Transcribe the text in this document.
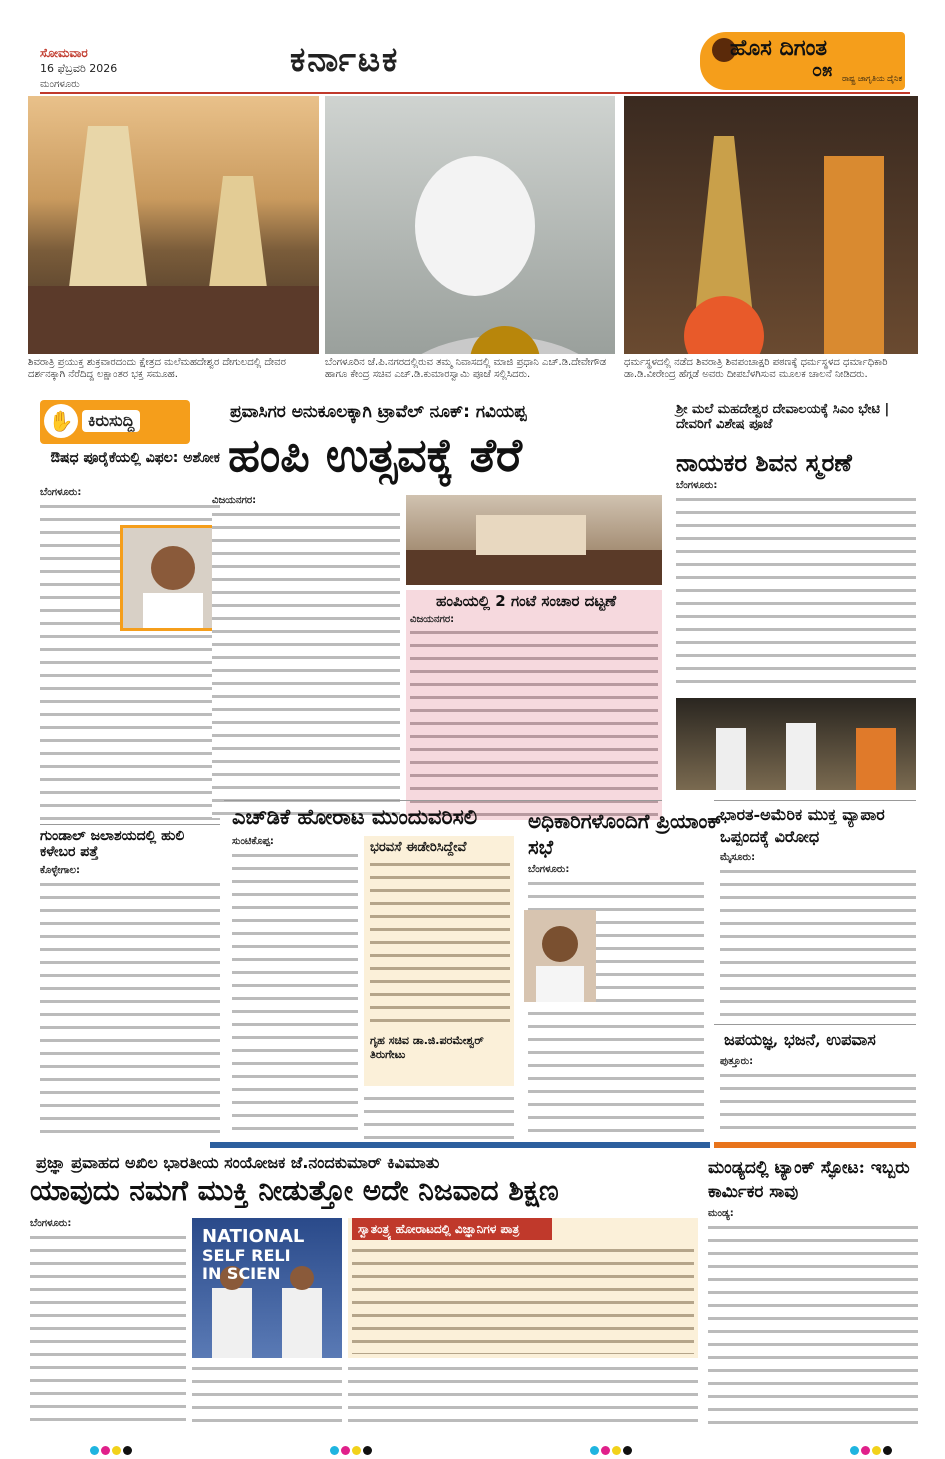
ಸೋಮವಾರ
16 ಫೆಬ್ರವರಿ 2026
ಮಂಗಳೂರು
ಕರ್ನಾಟಕ	ಹೊಸ ದಿಗಂತ
೦೫ ರಾಷ್ಟ್ರ ಜಾಗೃತಿಯ ದೈನಿಕ
ಶಿವರಾತ್ರಿ ಪ್ರಯುಕ್ತ ಶುಕ್ರವಾರದಂದು ಕ್ಷೇತ್ರದ ಮಲೆಮಹದೇಶ್ವರ ದೇಗುಲದಲ್ಲಿ ದೇವರ ದರ್ಶನಕ್ಕಾಗಿ ನೆರೆದಿದ್ದ ಲಕ್ಷಾಂತರ ಭಕ್ತ ಸಮೂಹ.
ಬೆಂಗಳೂರಿನ ಜೆ.ಪಿ.ನಗರದಲ್ಲಿರುವ ತಮ್ಮ ನಿವಾಸದಲ್ಲಿ ಮಾಜಿ ಪ್ರಧಾನಿ ಎಚ್.ಡಿ.ದೇವೇಗೌಡ ಹಾಗೂ ಕೇಂದ್ರ ಸಚಿವ ಎಚ್.ಡಿ.ಕುಮಾರಸ್ವಾಮಿ ಪೂಜೆ ಸಲ್ಲಿಸಿದರು.
ಧರ್ಮಸ್ಥಳದಲ್ಲಿ ನಡೆದ ಶಿವರಾತ್ರಿ ಶಿವಪಂಚಾಕ್ಷರಿ ಪಠಣಕ್ಕೆ ಧರ್ಮಸ್ಥಳದ ಧರ್ಮಾಧಿಕಾರಿ ಡಾ.ಡಿ.ವೀರೇಂದ್ರ ಹೆಗ್ಗಡೆ ಅವರು ದೀಪಬೆಳಗಿಸುವ ಮೂಲಕ ಚಾಲನೆ ನೀಡಿದರು.
✋ ಕಿರುಸುದ್ದಿ
ಔಷಧ ಪೂರೈಕೆಯಲ್ಲಿ ವಿಫಲ: ಅಶೋಕ
ಬೆಂಗಳೂರು:
ಗುಂಡಾಲ್ ಜಲಾಶಯದಲ್ಲಿ ಹುಲಿ ಕಳೇಬರ ಪತ್ತೆ
ಕೊಳ್ಳೇಗಾಲ:
ಪ್ರವಾಸಿಗರ ಅನುಕೂಲಕ್ಕಾಗಿ ಟ್ರಾವೆಲ್ ನೂಕ್: ಗವಿಯಪ್ಪ
ಹಂಪಿ ಉತ್ಸವಕ್ಕೆ ತೆರೆ
ವಿಜಯನಗರ:
ಹಂಪಿಯಲ್ಲಿ 2 ಗಂಟೆ ಸಂಚಾರ ದಟ್ಟಣೆ
ವಿಜಯನಗರ:
ಶ್ರೀ ಮಲೆ ಮಹದೇಶ್ವರ ದೇವಾಲಯಕ್ಕೆ ಸಿಎಂ ಭೇಟಿ | ದೇವರಿಗೆ ವಿಶೇಷ ಪೂಜೆ
ನಾಯಕರ ಶಿವನ ಸ್ಮರಣೆ
ಬೆಂಗಳೂರು:
ಎಚ್‌ಡಿಕೆ ಹೋರಾಟ ಮುಂದುವರಿಸಲಿ
ಸುಂಟಿಕೊಪ್ಪ:	ಭರವಸೆ ಈಡೇರಿಸಿದ್ದೇವೆ
ಗೃಹ ಸಚಿವ ಡಾ.ಜಿ.ಪರಮೇಶ್ವರ್ ತಿರುಗೇಟು
ಅಧಿಕಾರಿಗಳೊಂದಿಗೆ ಪ್ರಿಯಾಂಕ್ ಸಭೆ
ಬೆಂಗಳೂರು:
ಭಾರತ-ಅಮೆರಿಕ ಮುಕ್ತ ವ್ಯಾಪಾರ ಒಪ್ಪಂದಕ್ಕೆ ವಿರೋಧ
ಮೈಸೂರು:
ಜಪಯಜ್ಞ, ಭಜನೆ, ಉಪವಾಸ
ಪುತ್ತೂರು:
ಪ್ರಜ್ಞಾ ಪ್ರವಾಹದ ಅಖಿಲ ಭಾರತೀಯ ಸಂಯೋಜಕ ಜೆ.ನಂದಕುಮಾರ್ ಕಿವಿಮಾತು
ಯಾವುದು ನಮಗೆ ಮುಕ್ತಿ ನೀಡುತ್ತೋ ಅದೇ ನಿಜವಾದ ಶಿಕ್ಷಣ
ಬೆಂಗಳೂರು:
NATIONAL
SELF RELI
IN SCIEN
ಸ್ವಾತಂತ್ರ್ಯ ಹೋರಾಟದಲ್ಲಿ ವಿಜ್ಞಾನಿಗಳ ಪಾತ್ರ
ಮಂಡ್ಯದಲ್ಲಿ ಟ್ಯಾಂಕ್ ಸ್ಫೋಟ: ಇಬ್ಬರು ಕಾರ್ಮಿಕರ ಸಾವು
ಮಂಡ್ಯ:
